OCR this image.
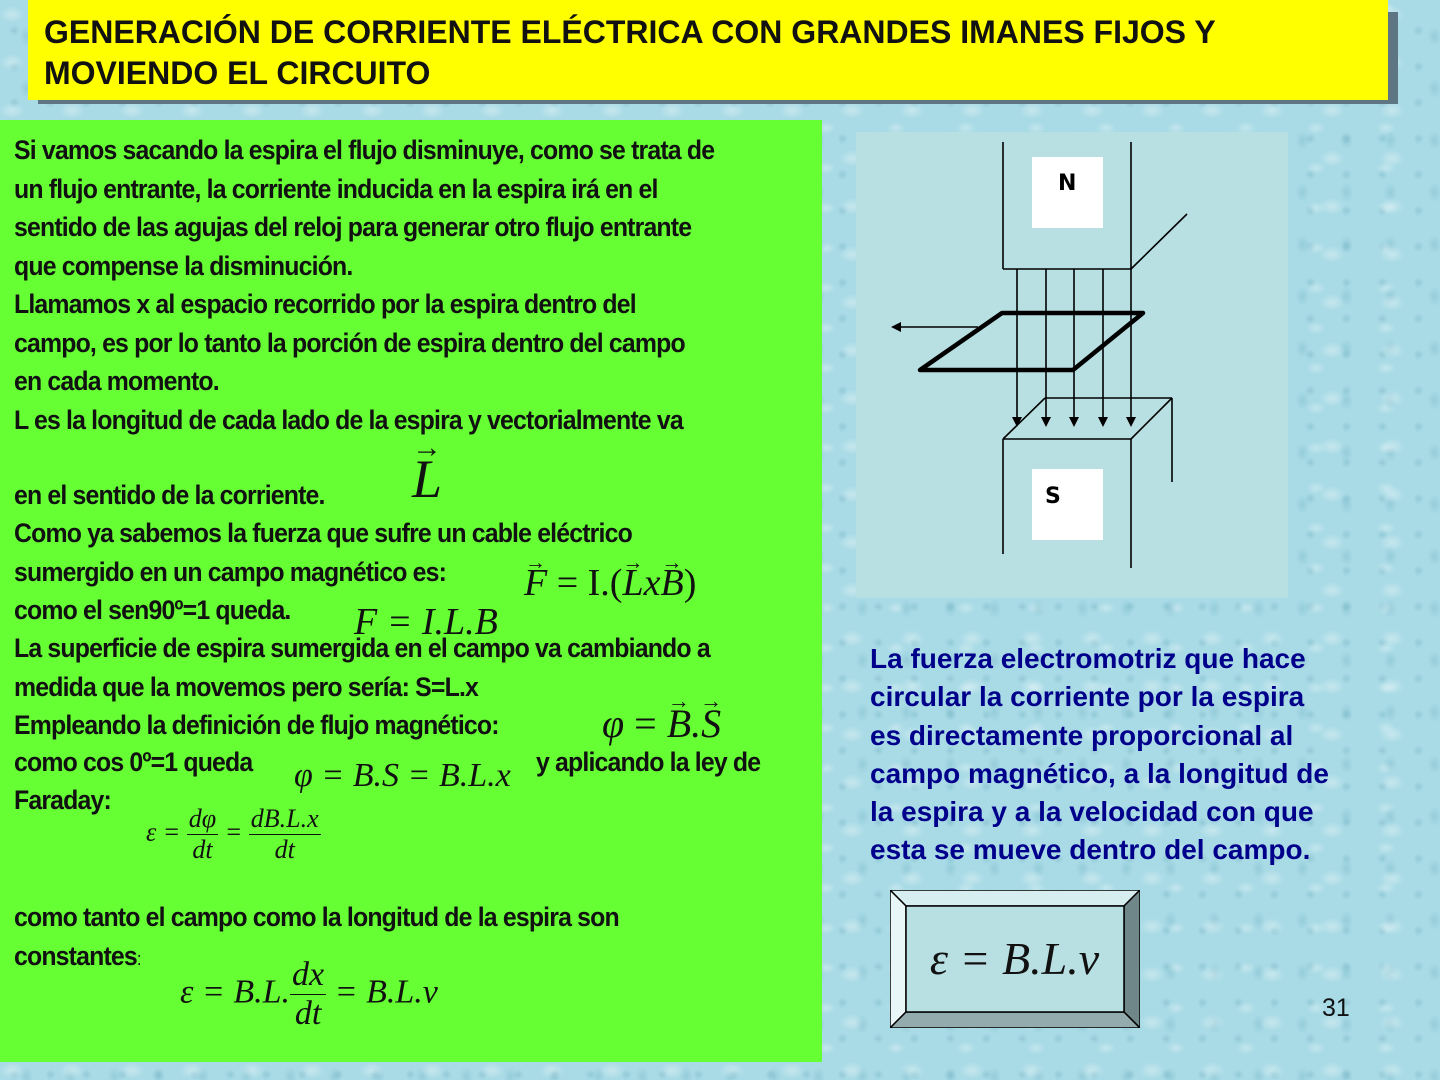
GENERACIÓN DE CORRIENTE ELÉCTRICA CON GRANDES IMANES FIJOS Y
MOVIENDO EL CIRCUITO
Si vamos sacando la espira el flujo disminuye, como se trata de
un flujo entrante, la corriente inducida en la espira irá en el
sentido de las agujas del reloj para generar otro flujo entrante
que compense la disminución.
Llamamos x al espacio recorrido por la espira dentro del
campo, es por lo tanto la porción de espira dentro del campo
en cada momento.
L es la longitud de cada lado de la espira y vectorialmente va
en el sentido de la corriente. → L
Como ya sabemos la fuerza que sufre un cable eléctrico
sumergido en un campo magnético es:
como el sen90º=1 queda.
→ F = I.(→ Lx→ B)
F = I.L.B
La superficie de espira sumergida en el campo va cambiando a
medida que la movemos pero sería: S=L.x
Empleando la definición de flujo magnético:	φ = → B.→ S
como cos 0º=1 queda φ = B.S = B.L.x y aplicando la ley de
Faraday:
$\varepsilon = \frac{d\varphi}{dt} = \frac{dB.L.x}{dt}$
como tanto el campo como la longitud de la espira son
constantes:
ε = B.L. $\frac{dx}{dt} = B.L.v$
N
S

La fuerza electromotriz que hace
circular la corriente por la espira
es directamente proporcional al
campo magnético, a la longitud de
la espira y a la velocidad con que
esta se mueve dentro del campo.

ε = B.L.v
31
